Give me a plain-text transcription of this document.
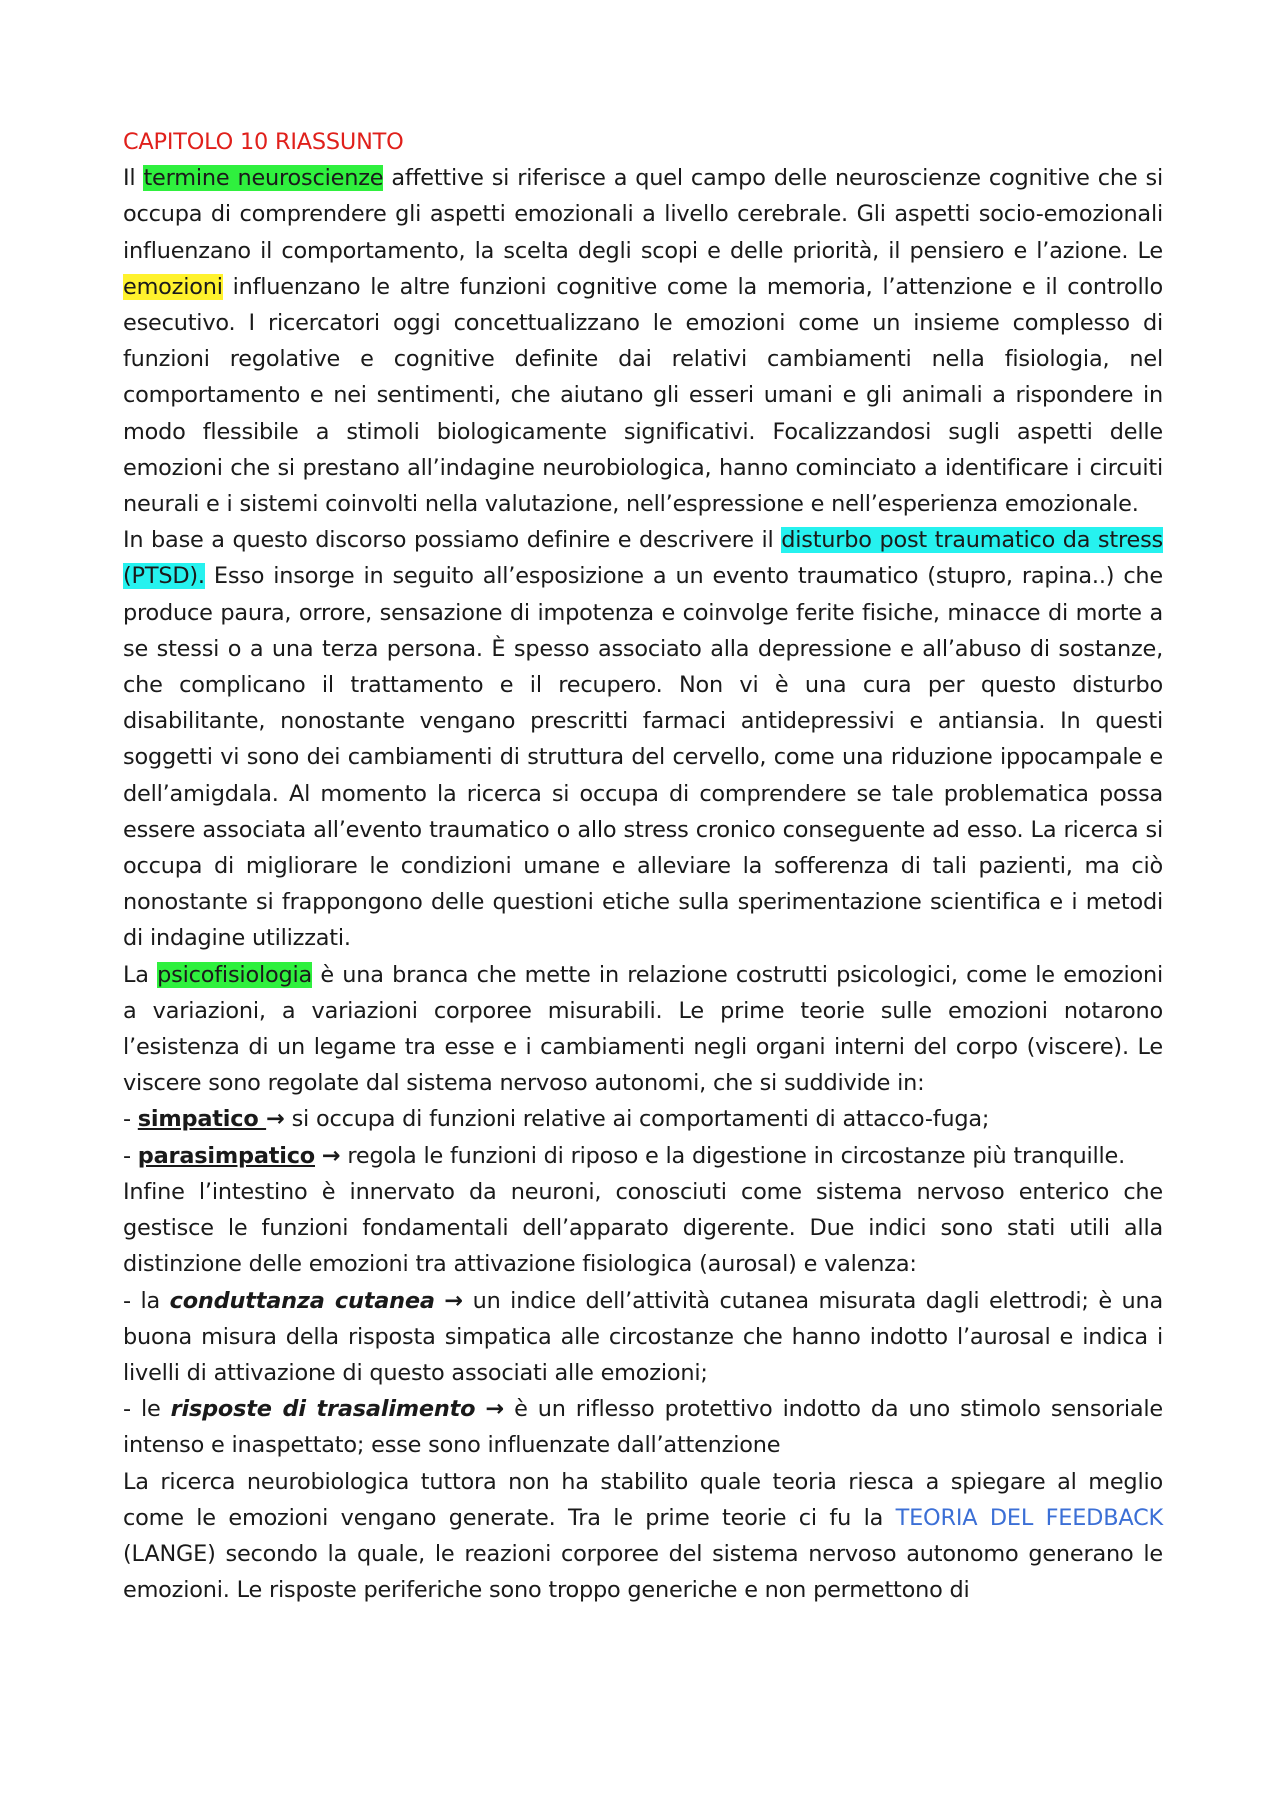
CAPITOLO 10 RIASSUNTO

Il termine neuroscienze affettive si riferisce a quel campo delle neuroscienze cognitive che si occupa di comprendere gli aspetti emozionali a livello cerebrale. Gli aspetti socio-emozionali influenzano il comportamento, la scelta degli scopi e delle priorità, il pensiero e l’azione. Le emozioni influenzano le altre funzioni cognitive come la memoria, l’attenzione e il controllo esecutivo. I ricercatori oggi concettualizzano le emozioni come un insieme complesso di funzioni regolative e cognitive definite dai relativi cambiamenti nella fisiologia, nel comportamento e nei sentimenti, che aiutano gli esseri umani e gli animali a rispondere in modo flessibile a stimoli biologicamente significativi. Focalizzandosi sugli aspetti delle emozioni che si prestano all’indagine neurobiologica, hanno cominciato a identificare i circuiti neurali e i sistemi coinvolti nella valutazione, nell’espressione e nell’esperienza emozionale.

In base a questo discorso possiamo definire e descrivere il disturbo post traumatico da stress (PTSD). Esso insorge in seguito all’esposizione a un evento traumatico (stupro, rapina..) che produce paura, orrore, sensazione di impotenza e coinvolge ferite fisiche, minacce di morte a se stessi o a una terza persona. È spesso associato alla depressione e all’abuso di sostanze, che complicano il trattamento e il recupero. Non vi è una cura per questo disturbo disabilitante, nonostante vengano prescritti farmaci antidepressivi e antiansia. In questi soggetti vi sono dei cambiamenti di struttura del cervello, come una riduzione ippocampale e dell’amigdala. Al momento la ricerca si occupa di comprendere se tale problematica possa essere associata all’evento traumatico o allo stress cronico conseguente ad esso. La ricerca si occupa di migliorare le condizioni umane e alleviare la sofferenza di tali pazienti, ma ciò nonostante si frappongono delle questioni etiche sulla sperimentazione scientifica e i metodi di indagine utilizzati.

La psicofisiologia è una branca che mette in relazione costrutti psicologici, come le emozioni a variazioni, a variazioni corporee misurabili. Le prime teorie sulle emozioni notarono l’esistenza di un legame tra esse e i cambiamenti negli organi interni del corpo (viscere). Le viscere sono regolate dal sistema nervoso autonomi, che si suddivide in:

- simpatico → si occupa di funzioni relative ai comportamenti di attacco-fuga;

- parasimpatico → regola le funzioni di riposo e la digestione in circostanze più tranquille.

Infine l’intestino è innervato da neuroni, conosciuti come sistema nervoso enterico che gestisce le funzioni fondamentali dell’apparato digerente. Due indici sono stati utili alla distinzione delle emozioni tra attivazione fisiologica (aurosal) e valenza:

- la conduttanza cutanea → un indice dell’attività cutanea misurata dagli elettrodi; è una buona misura della risposta simpatica alle circostanze che hanno indotto l’aurosal e indica i livelli di attivazione di questo associati alle emozioni;

- le risposte di trasalimento → è un riflesso protettivo indotto da uno stimolo sensoriale intenso e inaspettato; esse sono influenzate dall’attenzione

La ricerca neurobiologica tuttora non ha stabilito quale teoria riesca a spiegare al meglio come le emozioni vengano generate. Tra le prime teorie ci fu la TEORIA DEL FEEDBACK (LANGE) secondo la quale, le reazioni corporee del sistema nervoso autonomo generano le emozioni. Le risposte periferiche sono troppo generiche e non permettono di
